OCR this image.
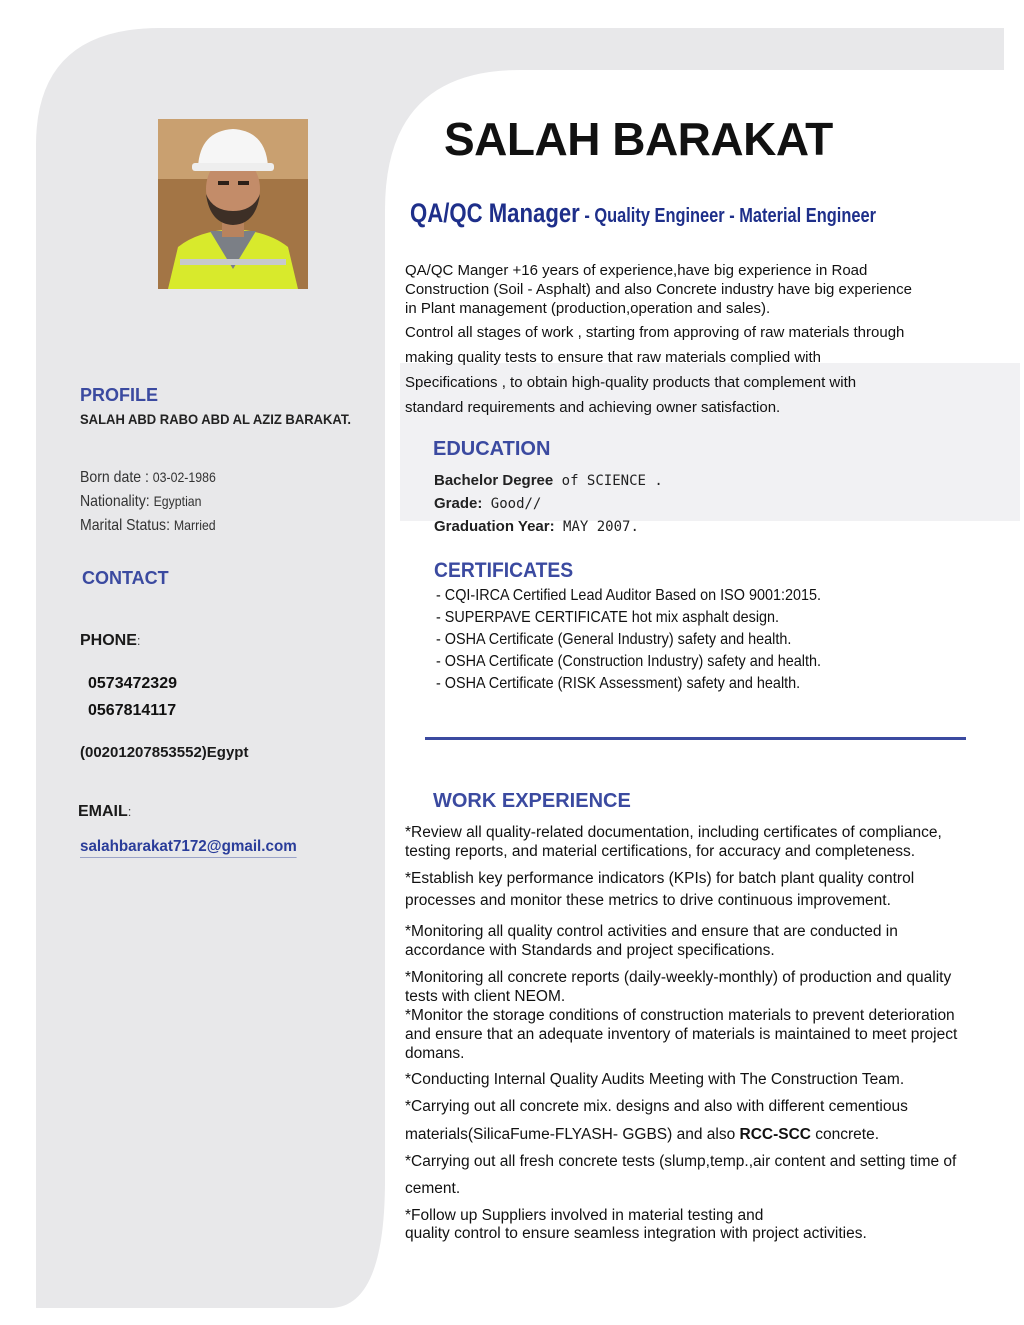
PROFILE
SALAH ABD RABO ABD AL AZIZ BARAKAT.
Born date : 03-02-1986
Nationality: Egyptian
Marital Status: Married
CONTACT
PHONE:
0573472329
0567814117
(00201207853552)Egypt
EMAIL:
salahbarakat7172@gmail.com
SALAH BARAKAT
QA/QC Manager - Quality Engineer - Material Engineer
QA/QC Manger +16 years of experience,have big experience in Road
Construction (Soil - Asphalt) and also Concrete industry have big experience
in Plant management (production,operation and sales).
Control all stages of work , starting from approving of raw materials through
making quality tests to ensure that raw materials complied with
Specifications , to obtain high-quality products that complement with
standard requirements and achieving owner satisfaction.
EDUCATION
Bachelor Degree of SCIENCE .
Grade: Good//
Graduation Year: MAY 2007.
CERTIFICATES
- CQI-IRCA Certified Lead Auditor Based on ISO 9001:2015.
- SUPERPAVE CERTIFICATE hot mix asphalt design.
- OSHA Certificate (General Industry) safety and health.
- OSHA Certificate (Construction Industry) safety and health.
- OSHA Certificate (RISK Assessment) safety and health.
WORK EXPERIENCE
*Review all quality-related documentation, including certificates of compliance,
testing reports, and material certifications, for accuracy and completeness.
*Establish key performance indicators (KPIs) for batch plant quality control
processes and monitor these metrics to drive continuous improvement.
*Monitoring all quality control activities and ensure that are conducted in
accordance with Standards and project specifications.
*Monitoring all concrete reports (daily-weekly-monthly) of production and quality
tests with client NEOM.
*Monitor the storage conditions of construction materials to prevent deterioration
and ensure that an adequate inventory of materials is maintained to meet project
domans.
*Conducting Internal Quality Audits Meeting with The Construction Team.
*Carrying out all concrete mix. designs and also with different cementious
materials(SilicaFume-FLYASH- GGBS) and also RCC-SCC concrete.
*Carrying out all fresh concrete tests (slump,temp.,air content and setting time of
cement.
*Follow up Suppliers involved in material testing and
quality control to ensure seamless integration with project activities.
